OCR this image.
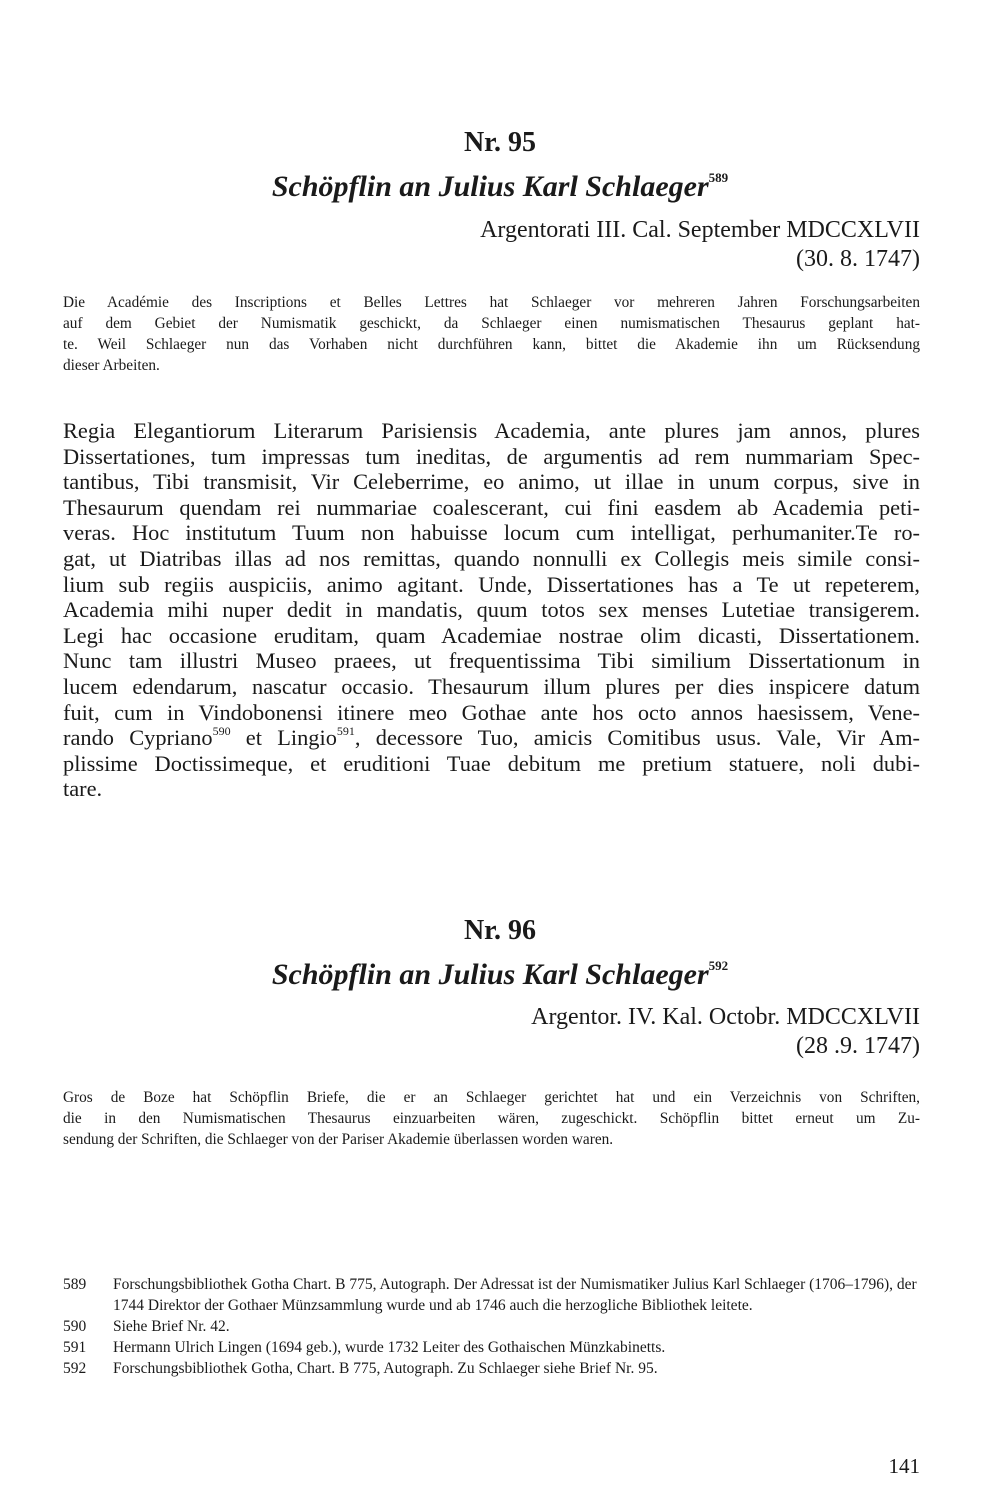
Nr. 95
Schöpflin an Julius Karl Schlaeger$^{589}$
Argentorati III. Cal. September MDCCXLVII
(30. 8. 1747)
Die Académie des Inscriptions et Belles Lettres hat Schlaeger vor mehreren Jahren Forschungsarbeiten
auf dem Gebiet der Numismatik geschickt, da Schlaeger einen numismatischen Thesaurus geplant hat-
te. Weil Schlaeger nun das Vorhaben nicht durchführen kann, bittet die Akademie ihn um Rücksendung
dieser Arbeiten.
Regia Elegantiorum Literarum Parisiensis Academia, ante plures jam annos, plures
Dissertationes, tum impressas tum ineditas, de argumentis ad rem nummariam Spec-
tantibus, Tibi transmisit, Vir Celeberrime, eo animo, ut illae in unum corpus, sive in
Thesaurum quendam rei nummariae coalescerant, cui fini easdem ab Academia peti-
veras. Hoc institutum Tuum non habuisse locum cum intelligat, perhumaniter.Te ro-
gat, ut Diatribas illas ad nos remittas, quando nonnulli ex Collegis meis simile consi-
lium sub regiis auspiciis, animo agitant. Unde, Dissertationes has a Te ut repeterem,
Academia mihi nuper dedit in mandatis, quum totos sex menses Lutetiae transigerem.
Legi hac occasione eruditam, quam Academiae nostrae olim dicasti, Dissertationem.
Nunc tam illustri Museo praees, ut frequentissima Tibi similium Dissertationum in
lucem edendarum, nascatur occasio. Thesaurum illum plures per dies inspicere datum
fuit, cum in Vindobonensi itinere meo Gothae ante hos octo annos haesissem, Vene-
rando Cypriano$^{590}$ et Lingio$^{591}$, decessore Tuo, amicis Comitibus usus. Vale, Vir Am-
plissime Doctissimeque, et eruditioni Tuae debitum me pretium statuere, noli dubi-
tare.
Nr. 96
Schöpflin an Julius Karl Schlaeger$^{592}$
Argentor. IV. Kal. Octobr. MDCCXLVII
(28 .9. 1747)
Gros de Boze hat Schöpflin Briefe, die er an Schlaeger gerichtet hat und ein Verzeichnis von Schriften,
die in den Numismatischen Thesaurus einzuarbeiten wären, zugeschickt. Schöpflin bittet erneut um Zu-
sendung der Schriften, die Schlaeger von der Pariser Akademie überlassen worden waren.
589	Forschungsbibliothek Gotha Chart. B 775, Autograph. Der Adressat ist der Numismatiker Julius Karl Schlaeger (1706–1796), der 1744 Direktor der Gothaer Münzsammlung wurde und ab 1746 auch die herzogliche Bibliothek leitete.
590	Siehe Brief Nr. 42.
591	Hermann Ulrich Lingen (1694 geb.), wurde 1732 Leiter des Gothaischen Münzkabinetts.
592	Forschungsbibliothek Gotha, Chart. B 775, Autograph. Zu Schlaeger siehe Brief Nr. 95.
141
